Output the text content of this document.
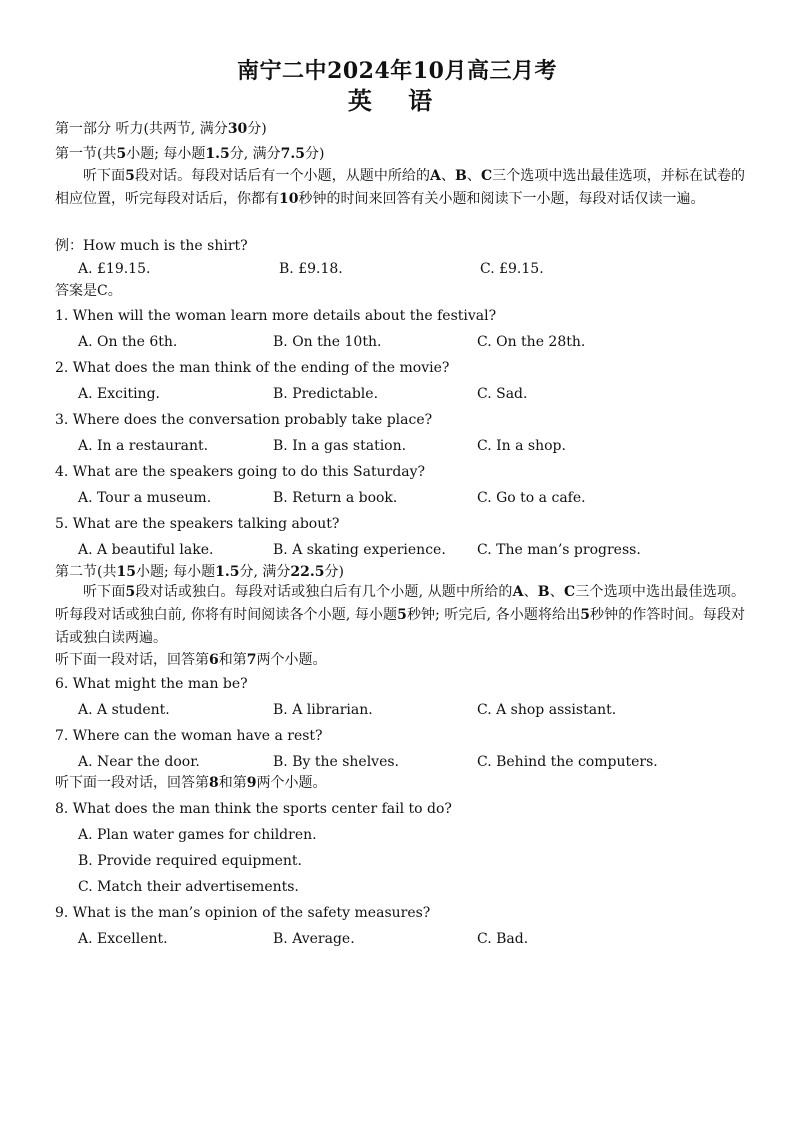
南宁二中2024年10月高三月考
英 语
第一部分 听力(共两节, 满分30分)
第一节(共5小题; 每小题1.5分, 满分7.5分)
听下面5段对话。每段对话后有一个小题，从题中所给的A、B、C三个选项中选出最佳选项，并标在试卷的相应位置，听完每段对话后，你都有10秒钟的时间来回答有关小题和阅读下一小题，每段对话仅读一遍。
例：How much is the shirt?
A. £19.15.	B. £9.18.	C. £9.15.
答案是C。
1. When will the woman learn more details about the festival?
A. On the 6th.	B. On the 10th.	C. On the 28th.
2. What does the man think of the ending of the movie?
A. Exciting.	B. Predictable.	C. Sad.
3. Where does the conversation probably take place?
A. In a restaurant.	B. In a gas station.	C. In a shop.
4. What are the speakers going to do this Saturday?
A. Tour a museum.	B. Return a book.	C. Go to a cafe.
5. What are the speakers talking about?
A. A beautiful lake.	B. A skating experience. C. The man’s progress.
第二节(共15小题; 每小题1.5分, 满分22.5分)
听下面5段对话或独白。每段对话或独白后有几个小题, 从题中所给的A、B、C三个选项中选出最佳选项。听每段对话或独白前, 你将有时间阅读各个小题, 每小题5秒钟; 听完后, 各小题将给出5秒钟的作答时间。每段对话或独白读两遍。
听下面一段对话，回答第6和第7两个小题。
6. What might the man be?
A. A student.	B. A librarian.	C. A shop assistant.
7. Where can the woman have a rest?
A. Near the door.	B. By the shelves.	C. Behind the computers.
听下面一段对话，回答第8和第9两个小题。
8. What does the man think the sports center fail to do?
A. Plan water games for children.
B. Provide required equipment.
C. Match their advertisements.
9. What is the man’s opinion of the safety measures?
A. Excellent.	B. Average.	C. Bad.
